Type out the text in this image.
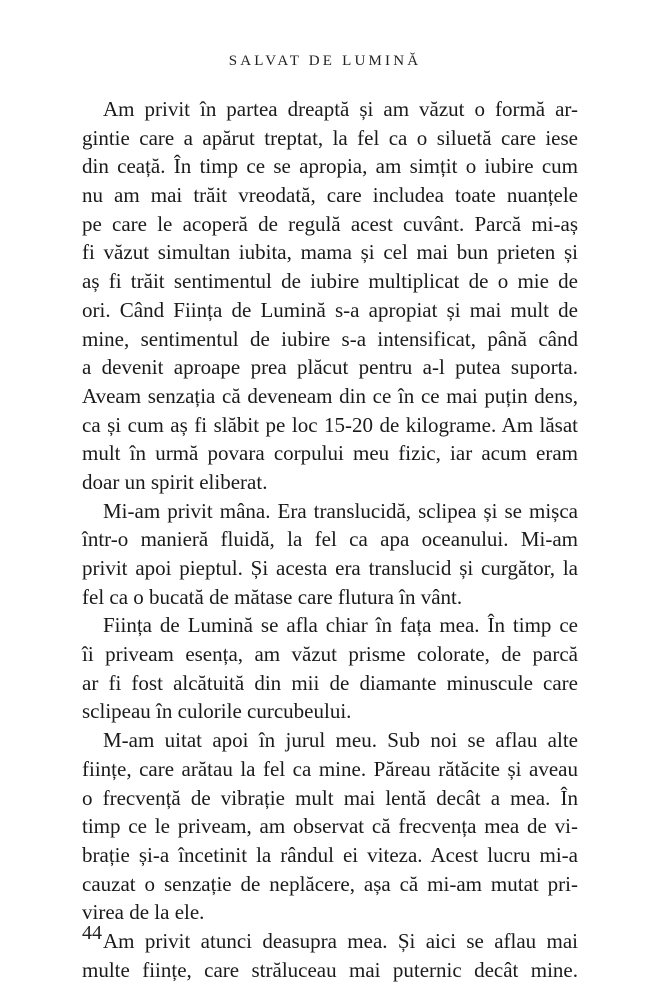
SALVAT DE LUMINĂ
Am privit în partea dreaptă și am văzut o formă ar-
gintie care a apărut treptat, la fel ca o siluetă care iese
din ceață. În timp ce se apropia, am simțit o iubire cum
nu am mai trăit vreodată, care includea toate nuanțele
pe care le acoperă de regulă acest cuvânt. Parcă mi-aș
fi văzut simultan iubita, mama și cel mai bun prieten și
aș fi trăit sentimentul de iubire multiplicat de o mie de
ori. Când Ființa de Lumină s-a apropiat și mai mult de
mine, sentimentul de iubire s-a intensificat, până când
a devenit aproape prea plăcut pentru a-l putea suporta.
Aveam senzația că deveneam din ce în ce mai puțin dens,
ca și cum aș fi slăbit pe loc 15-20 de kilograme. Am lăsat
mult în urmă povara corpului meu fizic, iar acum eram
doar un spirit eliberat.
Mi-am privit mâna. Era translucidă, sclipea și se mișca
într-o manieră fluidă, la fel ca apa oceanului. Mi-am
privit apoi pieptul. Și acesta era translucid și curgător, la
fel ca o bucată de mătase care flutura în vânt.
Ființa de Lumină se afla chiar în fața mea. În timp ce
îi priveam esența, am văzut prisme colorate, de parcă
ar fi fost alcătuită din mii de diamante minuscule care
sclipeau în culorile curcubeului.
M-am uitat apoi în jurul meu. Sub noi se aflau alte
ființe, care arătau la fel ca mine. Păreau rătăcite și aveau
o frecvență de vibrație mult mai lentă decât a mea. În
timp ce le priveam, am observat că frecvența mea de vi-
brație și-a încetinit la rândul ei viteza. Acest lucru mi-a
cauzat o senzație de neplăcere, așa că mi-am mutat pri-
virea de la ele.
Am privit atunci deasupra mea. Și aici se aflau mai
multe ființe, care străluceau mai puternic decât mine.
44
